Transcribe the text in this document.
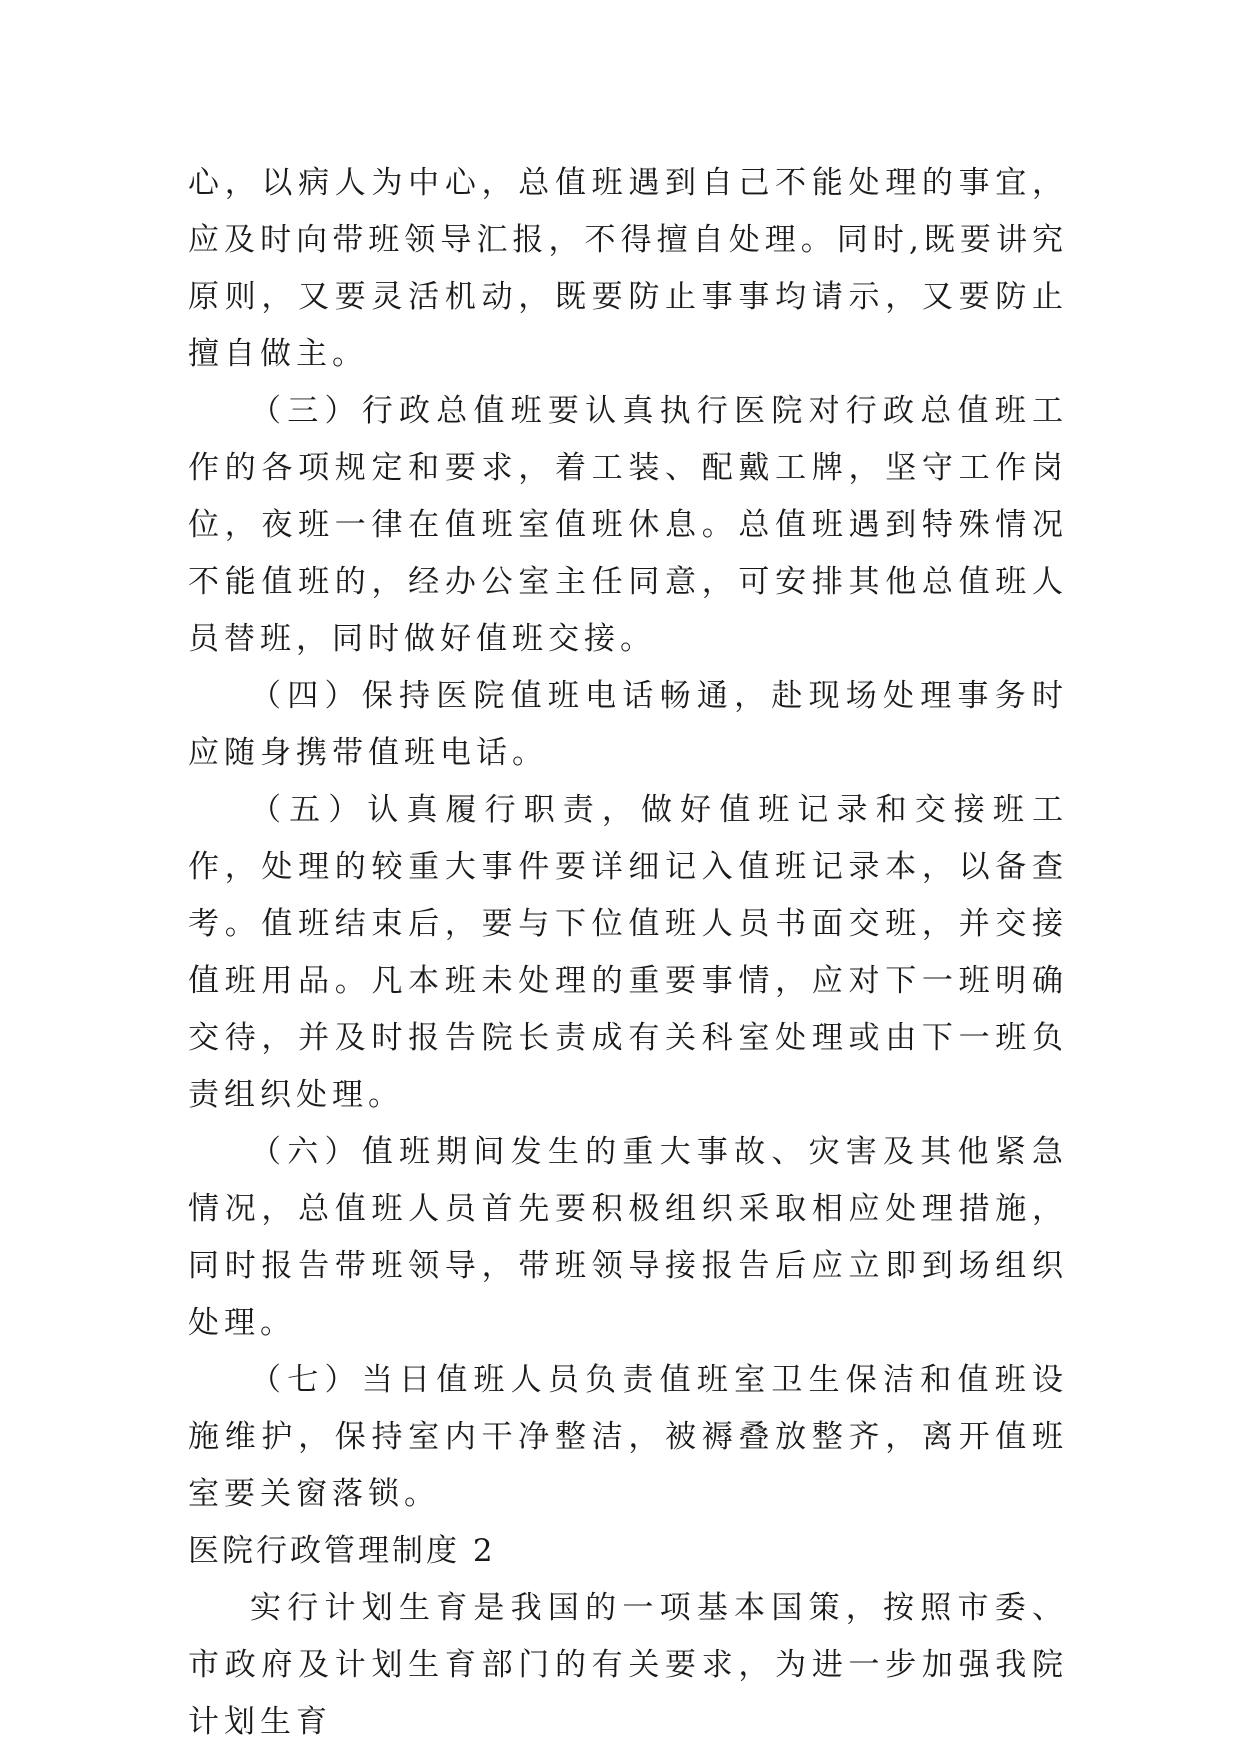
心，以病人为中心，总值班遇到自己不能处理的事宜，应及时向带班领导汇报，不得擅自处理。同时,既要讲究原则，又要灵活机动，既要防止事事均请示，又要防止擅自做主。

（三）行政总值班要认真执行医院对行政总值班工作的各项规定和要求，着工装、配戴工牌，坚守工作岗位，夜班一律在值班室值班休息。总值班遇到特殊情况不能值班的，经办公室主任同意，可安排其他总值班人员替班，同时做好值班交接。

（四）保持医院值班电话畅通，赴现场处理事务时应随身携带值班电话。

（五）认真履行职责，做好值班记录和交接班工作，处理的较重大事件要详细记入值班记录本，以备查考。值班结束后，要与下位值班人员书面交班，并交接值班用品。凡本班未处理的重要事情，应对下一班明确交待，并及时报告院长责成有关科室处理或由下一班负责组织处理。

（六）值班期间发生的重大事故、灾害及其他紧急情况，总值班人员首先要积极组织采取相应处理措施，同时报告带班领导，带班领导接报告后应立即到场组织处理。

（七）当日值班人员负责值班室卫生保洁和值班设施维护，保持室内干净整洁，被褥叠放整齐，离开值班室要关窗落锁。

医院行政管理制度 2

实行计划生育是我国的一项基本国策，按照市委、市政府及计划生育部门的有关要求，为进一步加强我院计划生育
